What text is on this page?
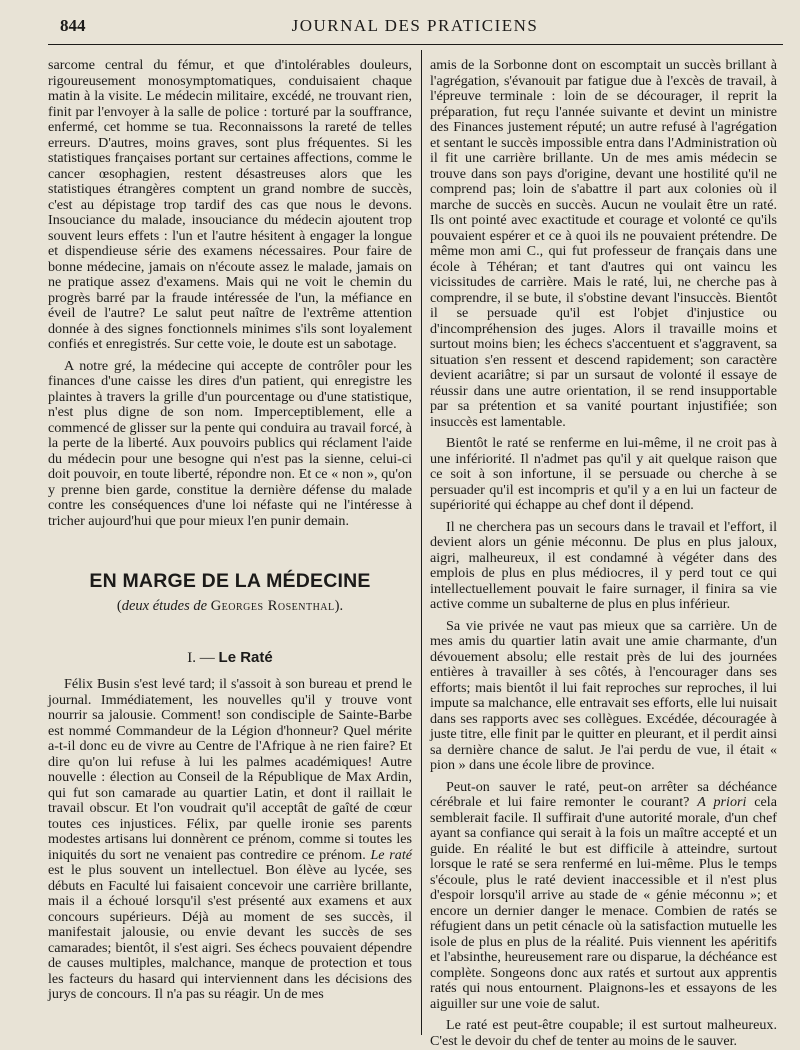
844	JOURNAL DES PRATICIENS

sarcome central du fémur, et que d'intolérables douleurs, rigoureusement monosymptomatiques, conduisaient chaque matin à la visite. Le médecin militaire, excédé, ne trouvant rien, finit par l'envoyer à la salle de police : torturé par la souffrance, enfermé, cet homme se tua. Reconnaissons la rareté de telles erreurs. D'autres, moins graves, sont plus fréquentes. Si les statistiques françaises portant sur certaines affections, comme le cancer œsophagien, restent désastreuses alors que les statistiques étrangères comptent un grand nombre de succès, c'est au dépistage trop tardif des cas que nous le devons. Insouciance du malade, insouciance du médecin ajoutent trop souvent leurs effets : l'un et l'autre hésitent à engager la longue et dispendieuse série des examens nécessaires. Pour faire de bonne médecine, jamais on n'écoute assez le malade, jamais on ne pratique assez d'examens. Mais qui ne voit le chemin du progrès barré par la fraude intéressée de l'un, la méfiance en éveil de l'autre? Le salut peut naître de l'extrême attention donnée à des signes fonctionnels minimes s'ils sont loyalement confiés et enregistrés. Sur cette voie, le doute est un sabotage.

A notre gré, la médecine qui accepte de contrôler pour les finances d'une caisse les dires d'un patient, qui enregistre les plaintes à travers la grille d'un pourcentage ou d'une statistique, n'est plus digne de son nom. Imperceptiblement, elle a commencé de glisser sur la pente qui conduira au travail forcé, à la perte de la liberté. Aux pouvoirs publics qui réclament l'aide du médecin pour une besogne qui n'est pas la sienne, celui-ci doit pouvoir, en toute liberté, répondre non. Et ce « non », qu'on y prenne bien garde, constitue la dernière défense du malade contre les conséquences d'une loi néfaste qui ne l'intéresse à tricher aujourd'hui que pour mieux l'en punir demain.

EN MARGE DE LA MÉDECINE
(deux études de Georges Rosenthal).
I. — Le Raté

Félix Busin s'est levé tard; il s'assoit à son bureau et prend le journal. Immédiatement, les nouvelles qu'il y trouve vont nourrir sa jalousie. Comment! son condisciple de Sainte-Barbe est nommé Commandeur de la Légion d'honneur? Quel mérite a-t-il donc eu de vivre au Centre de l'Afrique à ne rien faire? Et dire qu'on lui refuse à lui les palmes académiques! Autre nouvelle : élection au Conseil de la République de Max Ardin, qui fut son camarade au quartier Latin, et dont il raillait le travail obscur. Et l'on voudrait qu'il acceptât de gaîté de cœur toutes ces injustices. Félix, par quelle ironie ses parents modestes artisans lui donnèrent ce prénom, comme si toutes les iniquités du sort ne venaient pas contredire ce prénom. Le raté est le plus souvent un intellectuel. Bon élève au lycée, ses débuts en Faculté lui faisaient concevoir une carrière brillante, mais il a échoué lorsqu'il s'est présenté aux examens et aux concours supérieurs. Déjà au moment de ses succès, il manifestait jalousie, ou envie devant les succès de ses camarades; bientôt, il s'est aigri. Ses échecs pouvaient dépendre de causes multiples, malchance, manque de protection et tous les facteurs du hasard qui interviennent dans les décisions des jurys de concours. Il n'a pas su réagir. Un de mes

amis de la Sorbonne dont on escomptait un succès brillant à l'agrégation, s'évanouit par fatigue due à l'excès de travail, à l'épreuve terminale : loin de se décourager, il reprit la préparation, fut reçu l'année suivante et devint un ministre des Finances justement réputé; un autre refusé à l'agrégation et sentant le succès impossible entra dans l'Administration où il fit une carrière brillante. Un de mes amis médecin se trouve dans son pays d'origine, devant une hostilité qu'il ne comprend pas; loin de s'abattre il part aux colonies où il marche de succès en succès. Aucun ne voulait être un raté. Ils ont pointé avec exactitude et courage et volonté ce qu'ils pouvaient espérer et ce à quoi ils ne pouvaient prétendre. De même mon ami C., qui fut professeur de français dans une école à Téhéran; et tant d'autres qui ont vaincu les vicissitudes de carrière. Mais le raté, lui, ne cherche pas à comprendre, il se bute, il s'obstine devant l'insuccès. Bientôt il se persuade qu'il est l'objet d'injustice ou d'incompréhension des juges. Alors il travaille moins et surtout moins bien; les échecs s'accentuent et s'aggravent, sa situation s'en ressent et descend rapidement; son caractère devient acariâtre; si par un sursaut de volonté il essaye de réussir dans une autre orientation, il se rend insupportable par sa prétention et sa vanité pourtant injustifiée; son insuccès est lamentable.

Bientôt le raté se renferme en lui-même, il ne croit pas à une infériorité. Il n'admet pas qu'il y ait quelque raison que ce soit à son infortune, il se persuade ou cherche à se persuader qu'il est incompris et qu'il y a en lui un facteur de supériorité qui échappe au chef dont il dépend.

Il ne cherchera pas un secours dans le travail et l'effort, il devient alors un génie méconnu. De plus en plus jaloux, aigri, malheureux, il est condamné à végéter dans des emplois de plus en plus médiocres, il y perd tout ce qui intellectuellement pouvait le faire surnager, il finira sa vie active comme un subalterne de plus en plus inférieur.

Sa vie privée ne vaut pas mieux que sa carrière. Un de mes amis du quartier latin avait une amie charmante, d'un dévouement absolu; elle restait près de lui des journées entières à travailler à ses côtés, à l'encourager dans ses efforts; mais bientôt il lui fait reproches sur reproches, il lui impute sa malchance, elle entravait ses efforts, elle lui nuisait dans ses rapports avec ses collègues. Excédée, découragée à juste titre, elle finit par le quitter en pleurant, et il perdit ainsi sa dernière chance de salut. Je l'ai perdu de vue, il était « pion » dans une école libre de province.

Peut-on sauver le raté, peut-on arrêter sa déchéance cérébrale et lui faire remonter le courant? A priori cela semblerait facile. Il suffirait d'une autorité morale, d'un chef ayant sa confiance qui serait à la fois un maître accepté et un guide. En réalité le but est difficile à atteindre, surtout lorsque le raté se sera renfermé en lui-même. Plus le temps s'écoule, plus le raté devient inaccessible et il n'est plus d'espoir lorsqu'il arrive au stade de « génie méconnu »; et encore un dernier danger le menace. Combien de ratés se réfugient dans un petit cénacle où la satisfaction mutuelle les isole de plus en plus de la réalité. Puis viennent les apéritifs et l'absinthe, heureusement rare ou disparue, la déchéance est complète. Songeons donc aux ratés et surtout aux apprentis ratés qui nous entournent. Plaignons-les et essayons de les aiguiller sur une voie de salut.

Le raté est peut-être coupable; il est surtout malheureux. C'est le devoir du chef de tenter au moins de le sauver.
